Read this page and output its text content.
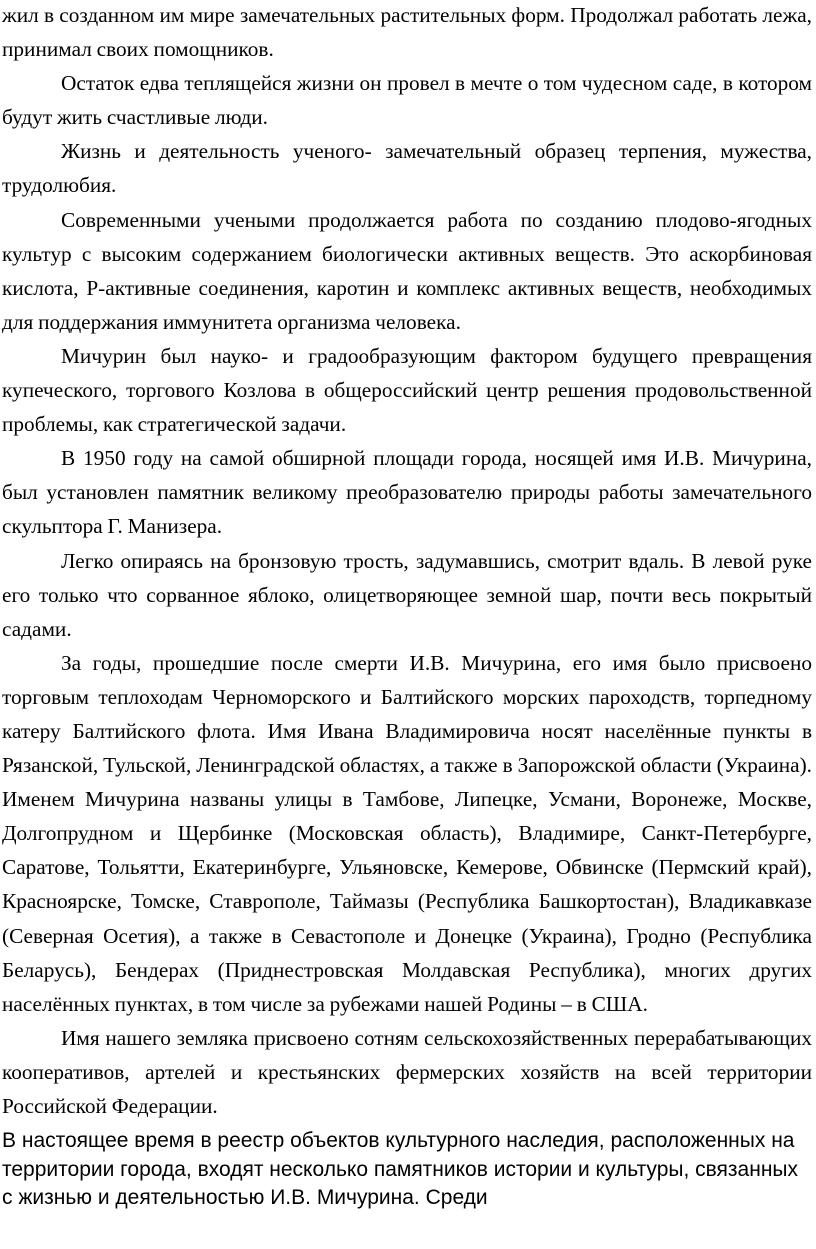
жил в созданном им мире замечательных растительных форм. Продолжал работать лежа, принимал своих помощников.

Остаток едва теплящейся жизни он провел в мечте о том чудесном саде, в котором будут жить счастливые люди.

Жизнь и деятельность ученого- замечательный образец терпения, мужества, трудолюбия.

Современными учеными продолжается работа по созданию плодово-ягодных культур с высоким содержанием биологически активных веществ. Это аскорбиновая кислота, Р-активные соединения, каротин и комплекс активных веществ, необходимых для поддержания иммунитета организма человека.

Мичурин был науко- и градообразующим фактором будущего превращения купеческого, торгового Козлова в общероссийский центр решения продовольственной проблемы, как стратегической задачи.

В 1950 году на самой обширной площади города, носящей имя И.В. Мичурина, был установлен памятник великому преобразователю природы работы замечательного скульптора Г. Манизера.

Легко опираясь на бронзовую трость, задумавшись, смотрит вдаль. В левой руке его только что сорванное яблоко, олицетворяющее земной шар, почти весь покрытый садами.

За годы, прошедшие после смерти И.В. Мичурина, его имя было присвоено торговым теплоходам Черноморского и Балтийского морских пароходств, торпедному катеру Балтийского флота. Имя Ивана Владимировича носят населённые пункты в Рязанской, Тульской, Ленинградской областях, а также в Запорожской области (Украина). Именем Мичурина названы улицы в Тамбове, Липецке, Усмани, Воронеже, Москве, Долгопрудном и Щербинке (Московская область), Владимире, Санкт-Петербурге, Саратове, Тольятти, Екатеринбурге, Ульяновске, Кемерове, Обвинске (Пермский край), Красноярске, Томске, Ставрополе, Таймазы (Республика Башкортостан), Владикавказе (Северная Осетия), а также в Севастополе и Донецке (Украина), Гродно (Республика Беларусь), Бендерах (Приднестровская Молдавская Республика), многих других населённых пунктах, в том числе за рубежами нашей Родины – в США.

Имя нашего земляка присвоено сотням сельскохозяйственных перерабатывающих кооперативов, артелей и крестьянских фермерских хозяйств на всей территории Российской Федерации.

В настоящее время в реестр объектов культурного наследия, расположенных на территории города, входят несколько памятников истории и культуры, связанных с жизнью и деятельностью И.В. Мичурина. Среди
